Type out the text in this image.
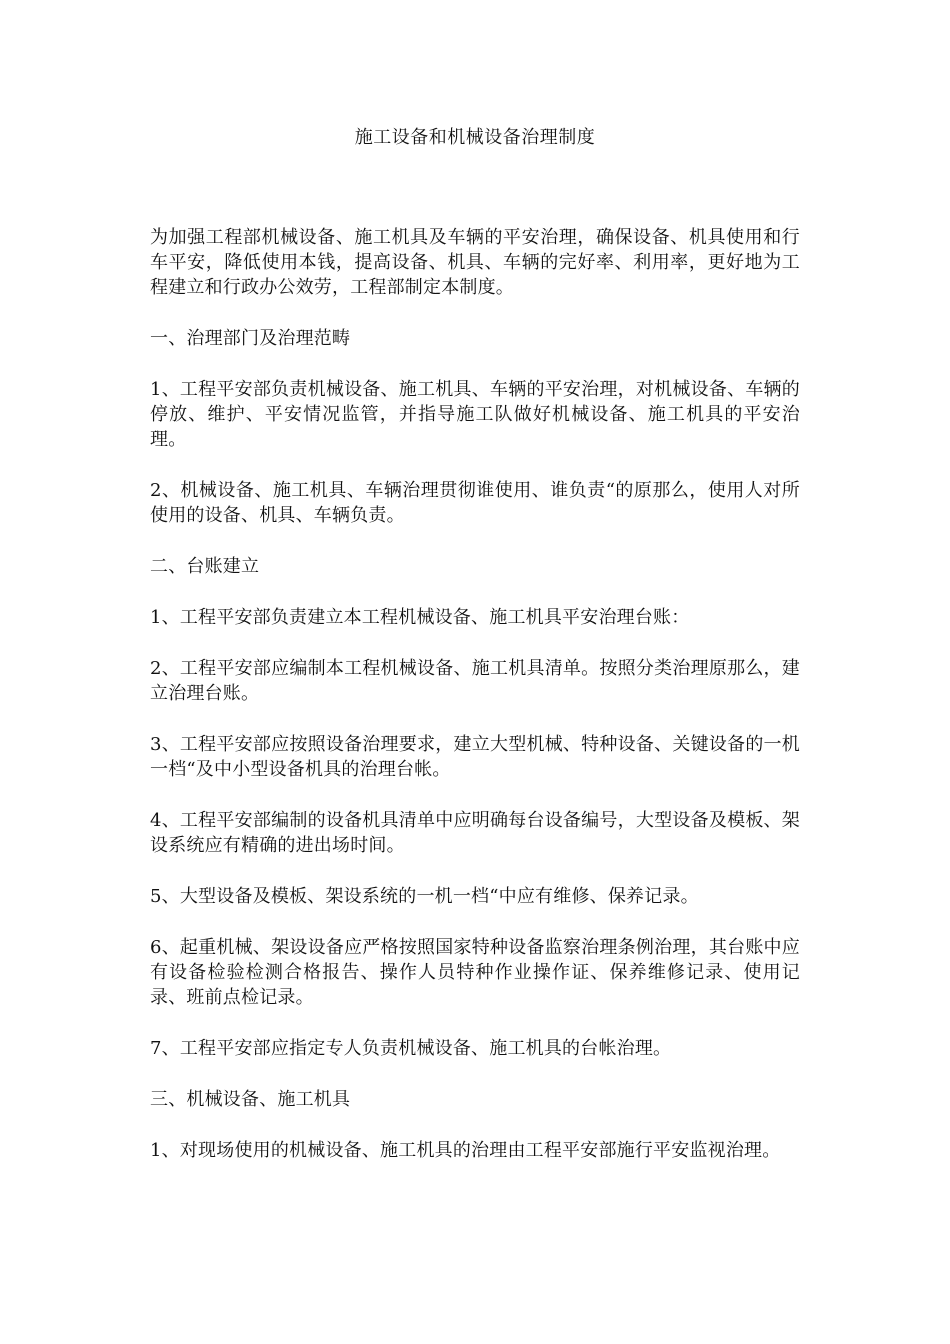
施工设备和机械设备治理制度

为加强工程部机械设备、施工机具及车辆的平安治理，确保设备、机具使用和行车平安，降低使用本钱，提高设备、机具、车辆的完好率、利用率，更好地为工程建立和行政办公效劳，工程部制定本制度。

一、治理部门及治理范畴

1、工程平安部负责机械设备、施工机具、车辆的平安治理，对机械设备、车辆的停放、维护、平安情况监管，并指导施工队做好机械设备、施工机具的平安治理。

2、机械设备、施工机具、车辆治理贯彻谁使用、谁负责“的原那么，使用人对所使用的设备、机具、车辆负责。

二、台账建立

1、工程平安部负责建立本工程机械设备、施工机具平安治理台账：

2、工程平安部应编制本工程机械设备、施工机具清单。按照分类治理原那么，建立治理台账。

3、工程平安部应按照设备治理要求，建立大型机械、特种设备、关键设备的一机一档“及中小型设备机具的治理台帐。

4、工程平安部编制的设备机具清单中应明确每台设备编号，大型设备及模板、架设系统应有精确的进出场时间。

5、大型设备及模板、架设系统的一机一档“中应有维修、保养记录。

6、起重机械、架设设备应严格按照国家特种设备监察治理条例治理，其台账中应有设备检验检测合格报告、操作人员特种作业操作证、保养维修记录、使用记录、班前点检记录。

7、工程平安部应指定专人负责机械设备、施工机具的台帐治理。

三、机械设备、施工机具

1、对现场使用的机械设备、施工机具的治理由工程平安部施行平安监视治理。
